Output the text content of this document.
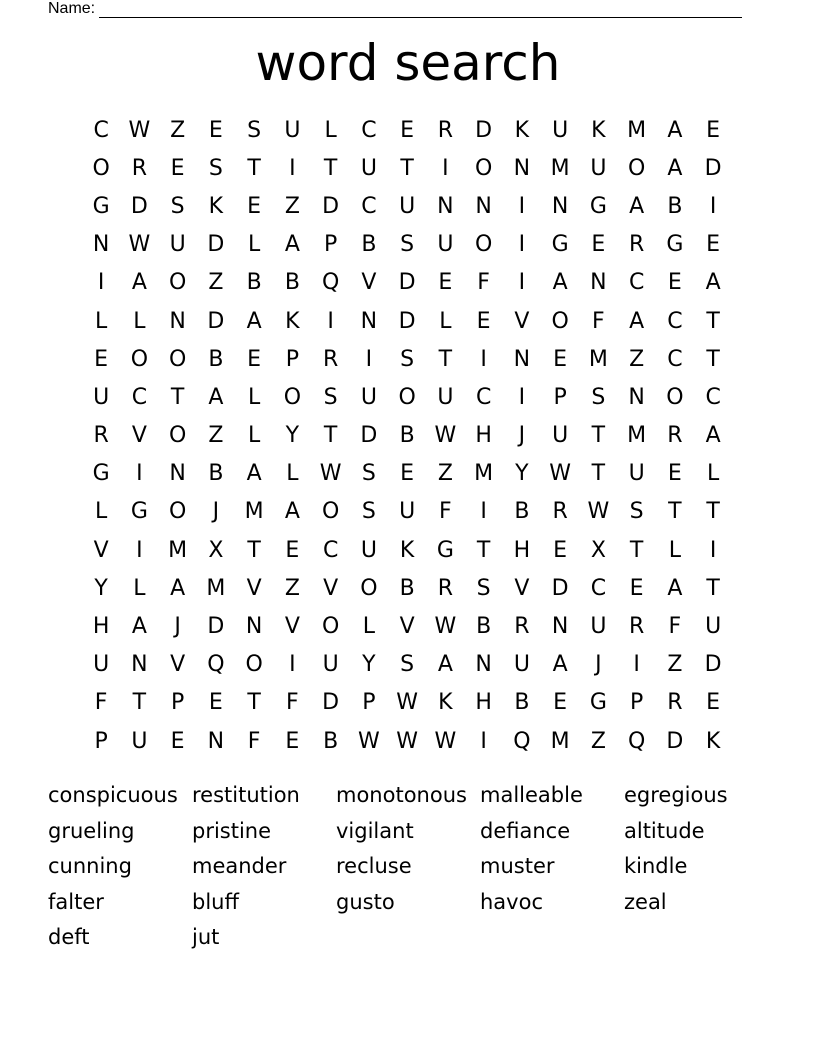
Name:
word search
C W Z	E	S	U	L	C	E	R	D	K	U	K M A	E
O R	E	S	T	I	T	U	T	I	O N M U O	A	D
G D	S	K	E	Z	D	C	U N N	I	N G	A	B	I
N W U D	L	A	P	B	S	U O	I	G	E	R	G	E
I	A	O	Z	B	B	Q	V	D	E	F	I	A	N	C	E	A
L	L	N D	A	K	I	N D	L	E	V	O	F	A	C	T
E	O O	B	E	P	R	I	S	T	I	N	E M Z	C	T
U	C	T	A	L	O	S	U O U	C	I	P	S	N O C
R	V	O	Z	L	Y	T	D	B W H	J	U	T	M R	A
G	I	N	B	A	L W S	E	Z M	Y W T	U	E	L
L	G O	J	M A	O	S	U	F	I	B	R W S	T	T
V	I	M X	T	E	C	U	K	G	T	H	E	X	T	L	I
Y	L	A M V	Z	V	O	B	R	S	V	D	C	E	A	T
H	A	J	D N	V	O	L	V W B	R	N U	R	F	U
U N	V	Q O	I	U	Y	S	A	N U	A	J	I	Z	D
F	T	P	E	T	F	D	P W K	H	B	E	G	P	R	E
P	U	E	N	F	E	B W W W	I	Q M Z	Q D	K
conspicuous restitution	monotonous malleable	egregious
grueling	pristine	vigilant	defiance	altitude
cunning	meander	recluse	muster	kindle
falter	bluff	gusto	havoc	zeal
deft	jut
